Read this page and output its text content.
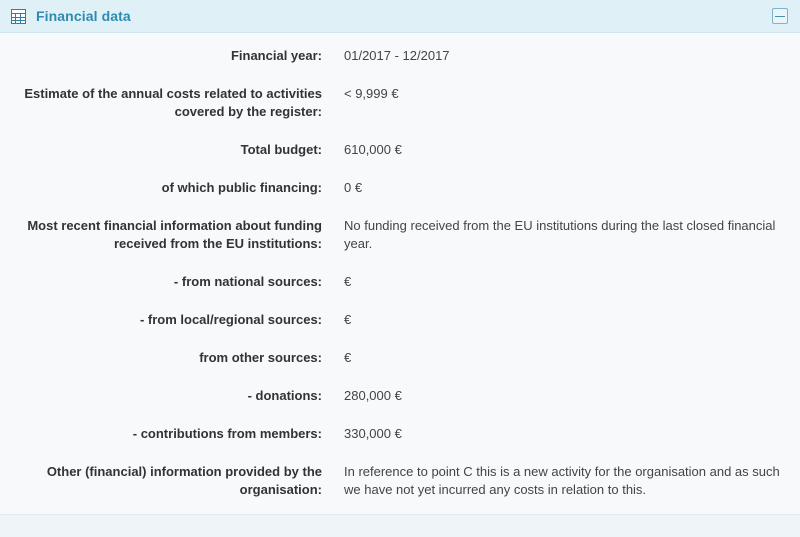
Financial data
Financial year:	01/2017 - 12/2017
Estimate of the annual costs related to activities covered by the register:
< 9,999 €
Total budget:	610,000 €
of which public financing:	0 €
Most recent financial information about funding received from the EU institutions:
No funding received from the EU institutions during the last closed financial year.
- from national sources:	€
- from local/regional sources:	€
from other sources:	€
- donations:	280,000 €
- contributions from members:	330,000 €
Other (financial) information provided by the organisation:
In reference to point C this is a new activity for the organisation and as such we have not yet incurred any costs in relation to this.
